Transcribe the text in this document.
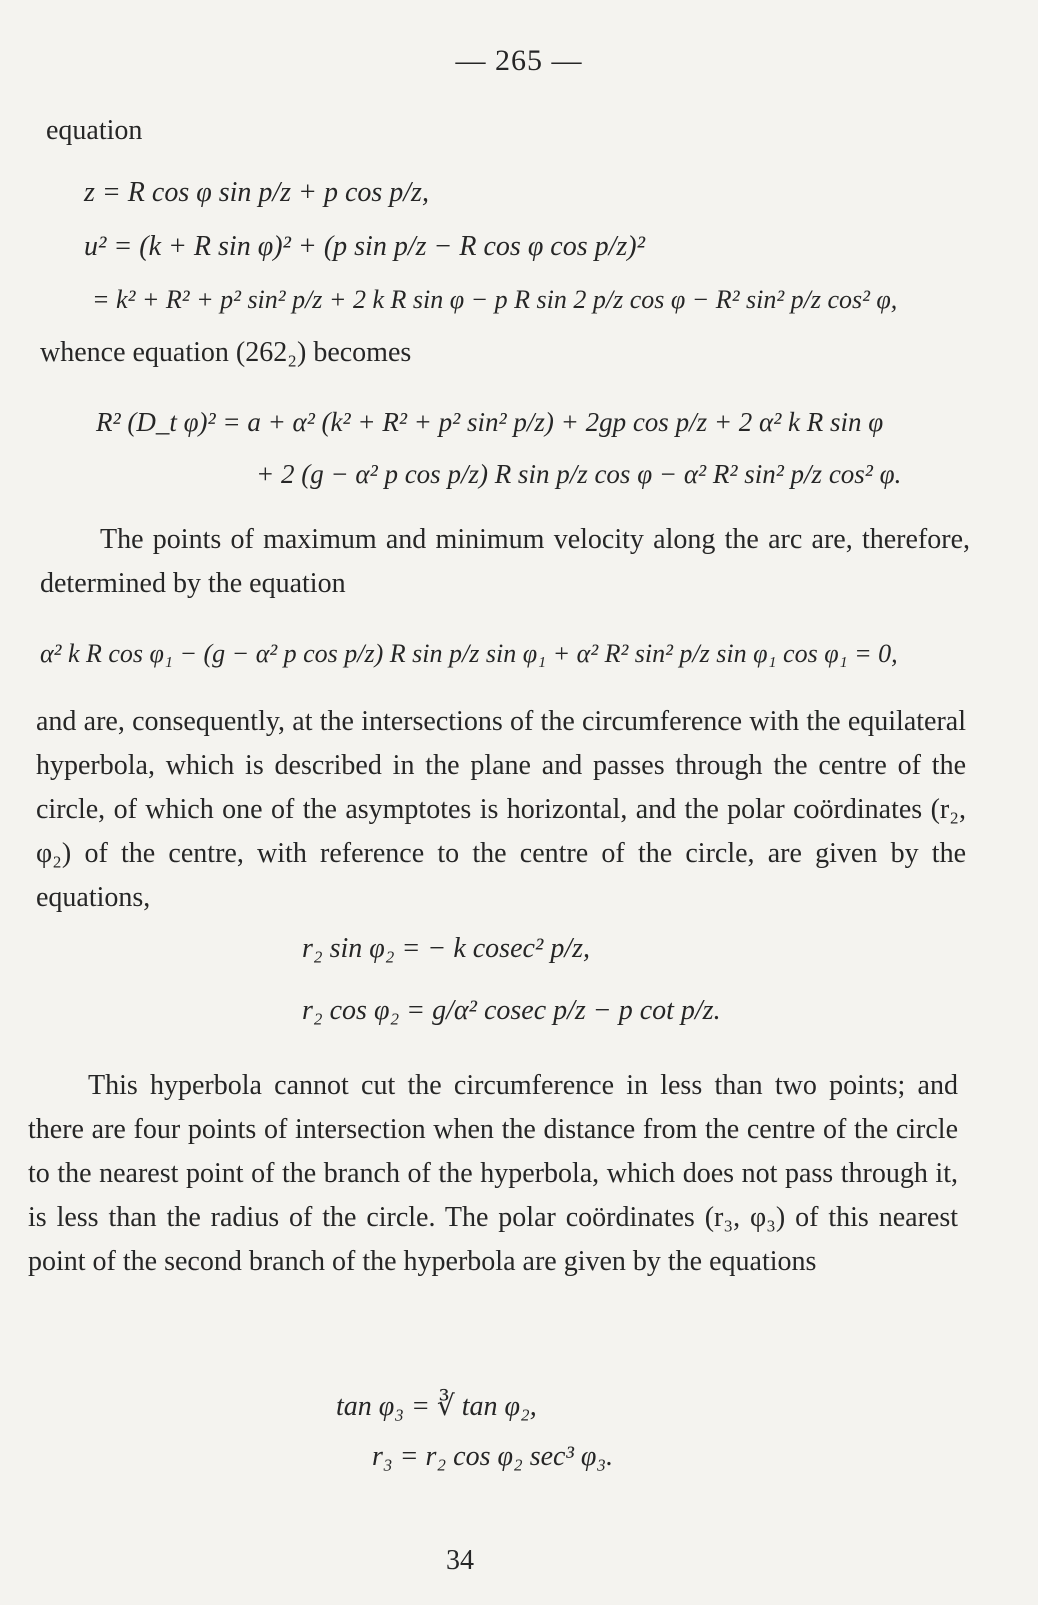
— 265 —
equation
z = R cos φ sin p/z + p cos p/z,
u² = (k + R sin φ)² + (p sin p/z − R cos φ cos p/z)²
= k² + R² + p² sin² p/z + 2 k R sin φ − p R sin 2 p/z cos φ − R² sin² p/z cos² φ,
whence equation (262₂) becomes
R² (D_t φ)² = a + α² (k² + R² + p² sin² p/z) + 2gp cos p/z + 2 α² k R sin φ
+ 2 (g − α² p cos p/z) R sin p/z cos φ − α² R² sin² p/z cos² φ.

The points of maximum and minimum velocity along the arc are, therefore, determined by the equation

α² k R cos φ₁ − (g − α² p cos p/z) R sin p/z sin φ₁ + α² R² sin² p/z sin φ₁ cos φ₁ = 0,

and are, consequently, at the intersections of the circumference with the equilateral hyperbola, which is described in the plane and passes through the centre of the circle, of which one of the asymptotes is horizontal, and the polar coördinates (r₂, φ₂) of the centre, with reference to the centre of the circle, are given by the equations,

r₂ sin φ₂ = − k cosec² p/z,
r₂ cos φ₂ = g/α² cosec p/z − p cot p/z.

This hyperbola cannot cut the circumference in less than two points; and there are four points of intersection when the distance from the centre of the circle to the nearest point of the branch of the hyperbola, which does not pass through it, is less than the radius of the circle. The polar coördinates (r₃, φ₃) of this nearest point of the second branch of the hyperbola are given by the equations

tan φ₃ = ∛ tan φ₂,
r₃ = r₂ cos φ₂ sec³ φ₃.
34
